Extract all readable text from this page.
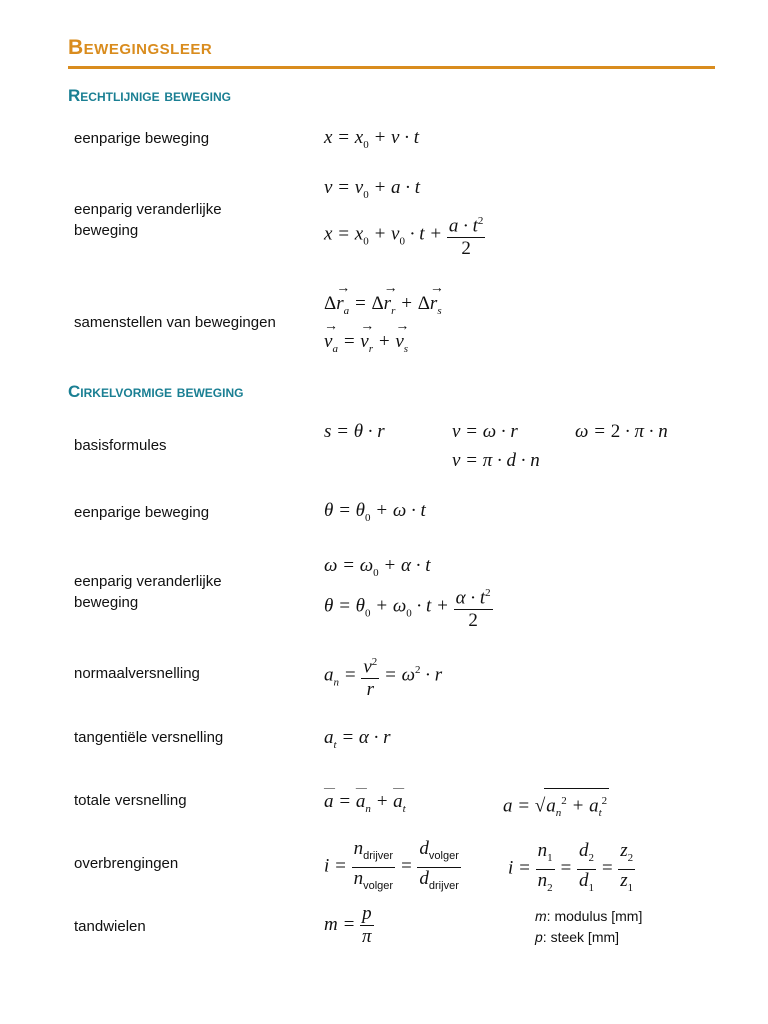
Bewegingsleer
Rechtlijnige beweging
eenparige beweging	$x = x_0 + v \cdot t$
eenparig veranderlijke beweging
$v = v_0 + a \cdot t$
$x = x_0 + v_0 \cdot t + \frac{a \cdot t^2}{2}$
samenstellen van bewegingen
$\Delta\to r_a = \Delta\to r_r + \Delta\to r_s$
→ $v_a$ = → $v_r$ + → $v_s$
Cirkelvormige beweging
basisformules
s = θ · r	v = ω · r	ω = 2 · π · n
v = π · d · n
eenparige beweging	$\theta = \theta_0 + \omega \cdot t$
eenparig veranderlijke beweging
$\omega = \omega_0 + \alpha \cdot t$
$\theta = \theta_0 + \omega_0 \cdot t + \frac{\alpha \cdot t^2}{2}$
normaalversnelling	$a_n = \frac{v^2}{r} = \omega^2 \cdot r$
tangentiële versnelling	$a_t = \alpha \cdot r$
totale versnelling
―	a = ― $a_n$ + ― $a_t$	$a = √a_n^2 + a_t^2$
overbrengingen	$i = \frac{n_{drijver}}{n_{volger}} = \frac{d_{volger}}{d_{drijver}}$ $i = \frac{n_1}{n_2} = \frac{d_2}{d_1} = \frac{z_2}{z_1}$
tandwielen	$m = \frac{p}{\pi}$	m: modulus [mm]
p: steek [mm]
